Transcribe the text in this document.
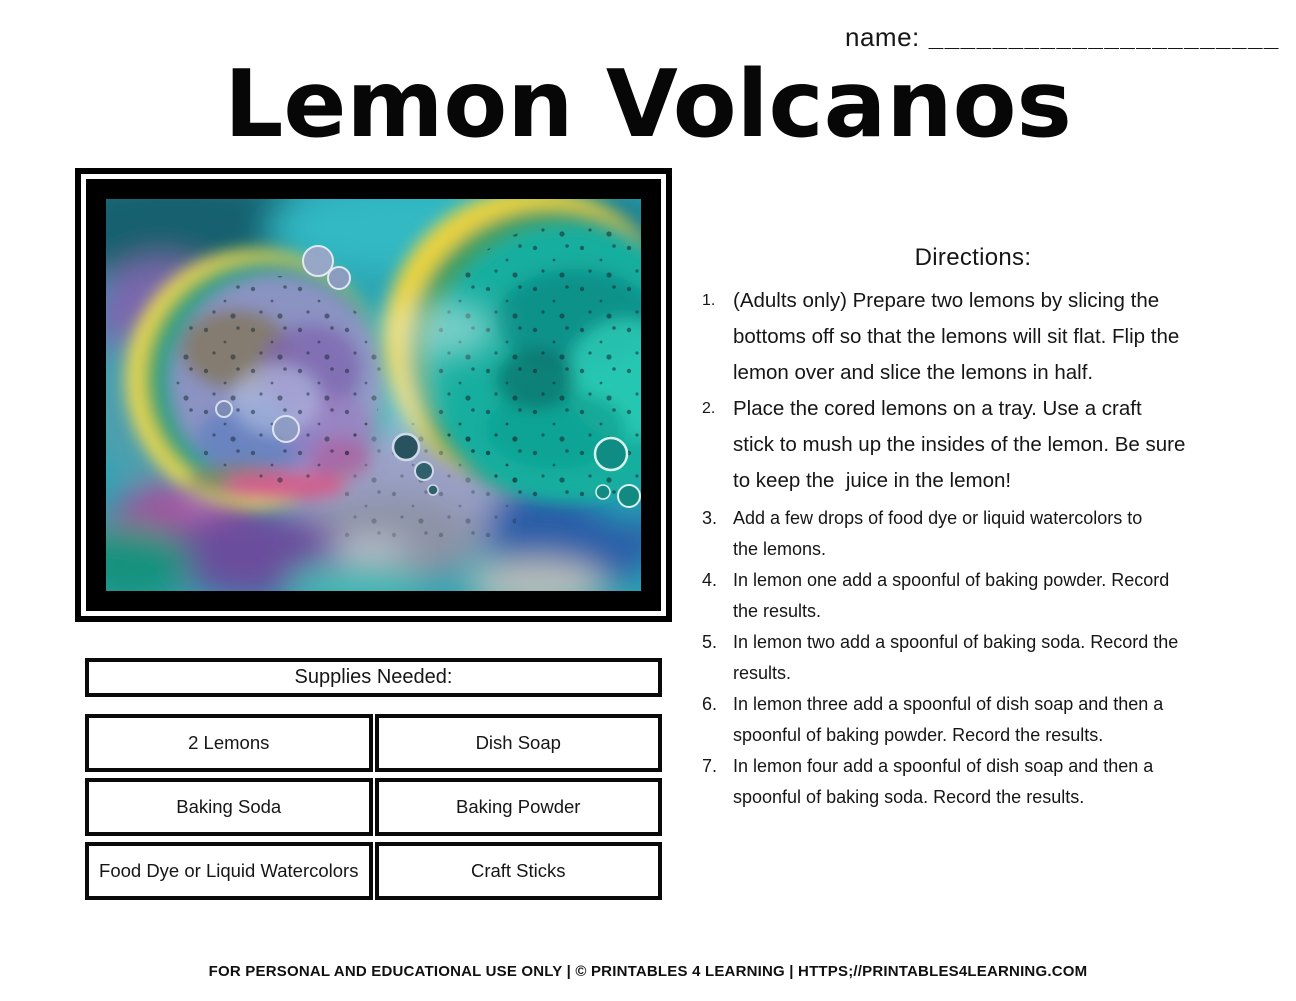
name: ______________________
Lemon Volcanos
Directions:
1. (Adults only) Prepare two lemons by slicing the
bottoms off so that the lemons will sit flat. Flip the
lemon over and slice the lemons in half.
2. Place the cored lemons on a tray. Use a craft
stick to mush up the insides of the lemon. Be sure
to keep the  juice in the lemon!
3. Add a few drops of food dye or liquid watercolors to
the lemons.
4. In lemon one add a spoonful of baking powder. Record
the results.
5. In lemon two add a spoonful of baking soda. Record the
results.
6. In lemon three add a spoonful of dish soap and then a
spoonful of baking powder. Record the results.
7. In lemon four add a spoonful of dish soap and then a
spoonful of baking soda. Record the results.
Supplies Needed:
2 Lemons	Dish Soap
Baking Soda	Baking Powder
Food Dye or Liquid Watercolors	Craft Sticks
FOR PERSONAL AND EDUCATIONAL USE ONLY | © PRINTABLES 4 LEARNING | HTTPS;//PRINTABLES4LEARNING.COM
